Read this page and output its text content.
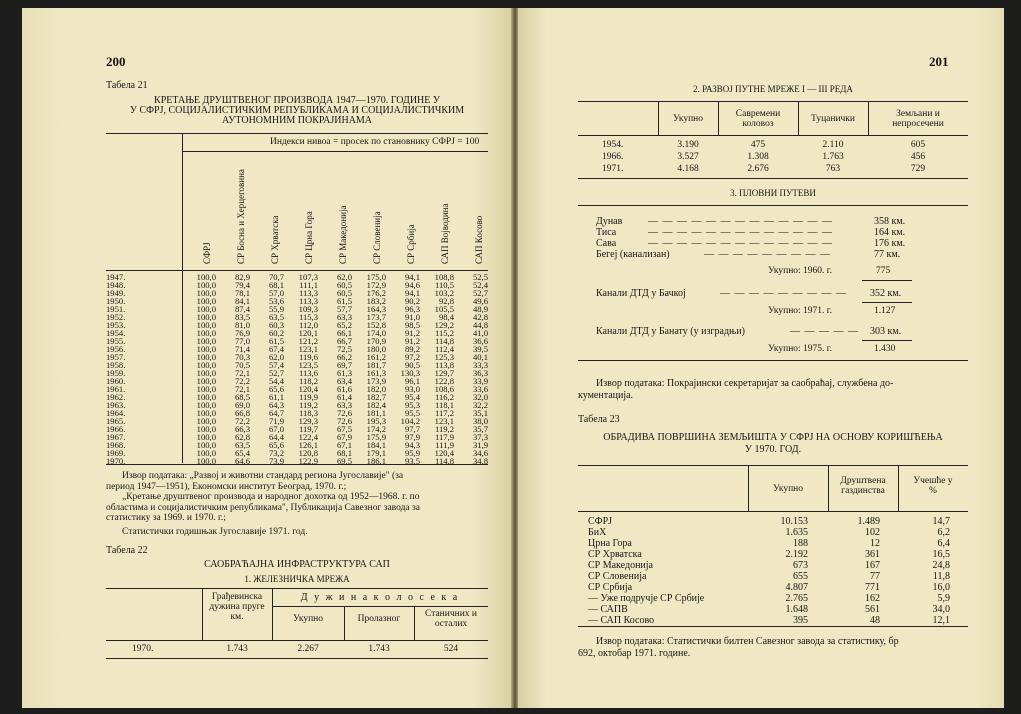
200
Табела 21
КРЕТАЊЕ ДРУШТВЕНОГ ПРОИЗВОДА 1947—1970. ГОДИНЕ У
У СФРЈ, СОЦИЈАЛИСТИЧКИМ РЕПУБЛИКАМА И СОЦИЈАЛИСТИЧКИМ
АУТОНОМНИМ ПОКРАЈИНАМА
Индекси нивоа = просек по становнику СФРЈ = 100
СФРЈ	СР Босна и Херцеговина	СР Хрватска	СР Црна Гора	СР Македонија	СР Словенија	СР Србија	САП Војводина	САП Косово
1947.	100,0	82,9	70,7	107,3	62,0	175,0	94,1	108,8	52,5
1948.	100,0	79,4	68,1	111,1	60,5	172,9	94,6	110,5	52,4
1949.	100,0	78,1	57,0	113,3	60,5	176,2	94,1	103,2	52,7
1950.	100,0	84,1	53,6	113,3	61,5	183,2	90,2	92,8	49,6
1951.	100,0	87,4	55,9	109,3	57,7	164,3	96,3	105,5	48,9
1952.	100,0	83,5	63,5	115,3	63,3	173,7	91,0	98,4	42,8
1953.	100,0	81,0	60,3	112,0	65,2	152,8	98,5	129,2	44,8
1954.	100,0	76,9	60,2	120,1	66,1	174,0	91,2	115,2	41,0
1955.	100,0	77,0	61,5	121,2	66,7	170,9	91,2	114,8	36,6
1956.	100,0	71,4	67,4	123,1	72,5	180,0	89,2	112,4	39,5
1957.	100,0	70,3	62,0	119,6	66,2	161,2	97,2	125,3	40,1
1958.	100,0	70,5	57,4	123,5	69,7	181,7	90,5	113,8	33,3
1959.	100,0	72,1	52,7	113,6	61,3	161,3	130,3	129,7	36,3
1960.	100,0	72,2	54,4	118,2	63,4	173,9	96,1	122,8	33,9
1961.	100,0	72,1	65,6	120,4	61,6	182,0	93,0	108,6	33,6
1962.	100,0	68,5	61,1	119,9	61,4	182,7	95,4	116,2	32,0
1963.	100,0	69,0	64,3	119,2	63,3	182,4	95,3	118,1	32,2
1964.	100,0	66,8	64,7	118,3	72,6	181,1	95,5	117,2	35,1
1965.	100,0	72,2	71,9	129,3	72,6	195,3	104,2	123,1	38,0
1966.	100,0	66,3	67,0	119,7	67,5	174,2	97,7	119,2	35,7
1967.	100,0	62,8	64,4	122,4	67,9	175,9	97,9	117,9	37,3
1968.	100,0	63,5	65,6	126,1	67,1	184,1	94,3	111,9	31,9
1969.	100,0	65,4	73,2	120,8	68,1	179,1	95,9	120,4	34,6
1970.	100,0	64,6	73,9	122,9	69,5	186,1	93,5	114,8	34,8
Извор података: „Развој и животни стандард региона Југославије" (за
период 1947—1951), Економски институт Београд, 1970. г.;
„Кретање друштвеног производа и народног дохотка од 1952—1968. г. по
областима и социјалистичким републикама", Публикација Савезног завода за
статистику за 1969. и 1970. г.;
Статистички годишњак Југославије 1971. год.
Табела 22
САОБРАЋАЈНА ИНФРАСТРУКТУРА САП
1. ЖЕЛЕЗНИЧКА МРЕЖА
Грађевинска
дужина пруге
км.
Д у ж и н а к о л о с е к а
Укупно	Пролазног	Станичних и
осталих
1970.	1.743	2.267	1.743	524
201
2. РАЗВОЈ ПУТНЕ МРЕЖЕ I — III РЕДА
Укупно	Савремени
коловоз	Туцанички	Земљани и
непросечени
1954.	3.190	475	2.110	605
1966.	3.527	1.308	1.763	456
1971.	4.168	2.676	763	729
3. ПЛОВНИ ПУТЕВИ
Дунав	— — — — — — — — — — — — —	358 км.
Тиса	— — — — — — — — — — — — —	164 км.
Сава	— — — — — — — — — — — — —	176 км.
Бегеј (канализан)	— — — — — — — — —	77 км.
Укупно: 1960. г.	775
Канали ДТД у Бачкој	— — — — — — — — — 352 км.
Укупно: 1971. г.	1.127
Канали ДТД у Банату (у изградњи)	— — — — — 303 км.
Укупно: 1975. г.	1.430
Извор података: Покрајински секретаријат за саобраћај, службена до-
кументација.
Табела 23
ОБРАДИВА ПОВРШИНА ЗЕМЉИШТА У СФРЈ НА ОСНОВУ КОРИШЋЕЊА
У 1970. ГОД.
Укупно
Друштвена
газдинства
Учешће у
%
СФРЈ	10.153	1.489	14,7
БиХ	1.635	102	6,2
Црна Гора	188	12	6,4
СР Хрватска	2.192	361	16,5
СР Македонија	673	167	24,8
СР Словенија	655	77	11,8
СР Србија	4.807	771	16,0
— Уже подручје СР Србије	2.765	162	5,9
— САПВ	1.648	561	34,0
— САП Косово	395	48	12,1
Извор података: Статистички билтен Савезног завода за статистику, бр
692, октобар 1971. године.
